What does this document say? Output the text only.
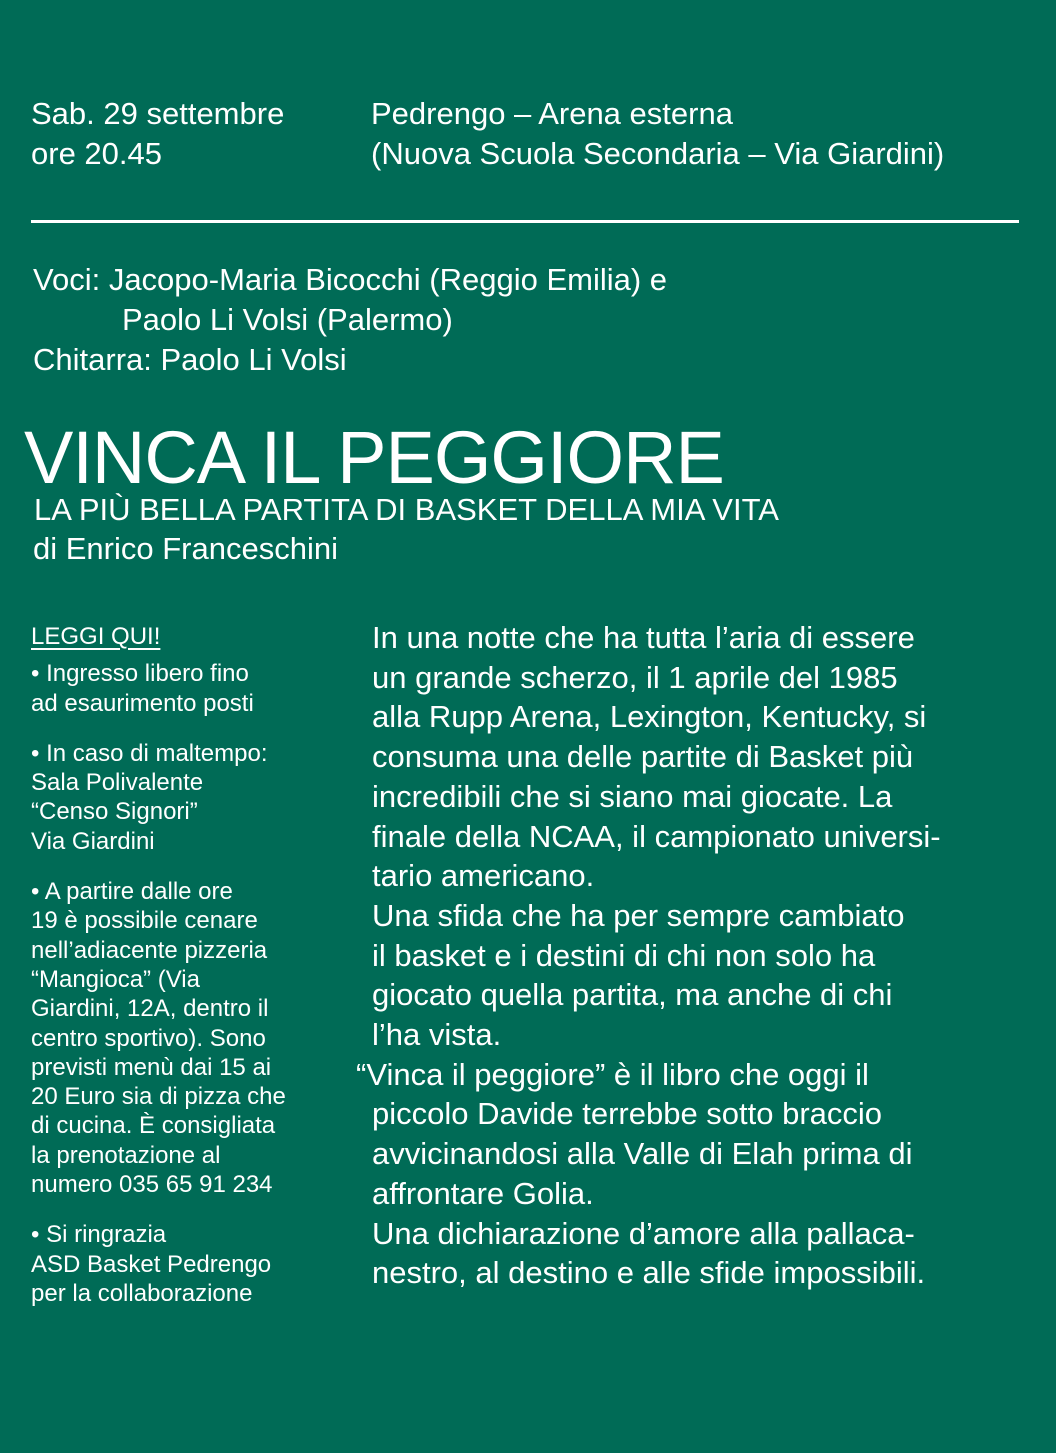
Sab. 29 settembre
ore 20.45
Pedrengo – Arena esterna
(Nuova Scuola Secondaria – Via Giardini)
Voci: Jacopo-Maria Bicocchi (Reggio Emilia) e
Paolo Li Volsi (Palermo)
Chitarra: Paolo Li Volsi
VINCA IL PEGGIORE
LA PIÙ BELLA PARTITA DI BASKET DELLA MIA VITA
di Enrico Franceschini
LEGGI QUI!
• Ingresso libero fino
ad esaurimento posti
• In caso di maltempo:
Sala Polivalente
“Censo Signori”
Via Giardini
• A partire dalle ore
19 è possibile cenare
nell’adiacente pizzeria
“Mangioca” (Via
Giardini, 12A, dentro il
centro sportivo). Sono
previsti menù dai 15 ai
20 Euro sia di pizza che
di cucina. È consigliata
la prenotazione al
numero 035 65 91 234
• Si ringrazia
ASD Basket Pedrengo
per la collaborazione
In una notte che ha tutta l’aria di essere
un grande scherzo, il 1 aprile del 1985
alla Rupp Arena, Lexington, Kentucky, si
consuma una delle partite di Basket più
incredibili che si siano mai giocate. La
finale della NCAA, il campionato universi-
tario americano.
Una sfida che ha per sempre cambiato
il basket e i destini di chi non solo ha
giocato quella partita, ma anche di chi
l’ha vista.
“Vinca il peggiore” è il libro che oggi il
piccolo Davide terrebbe sotto braccio
avvicinandosi alla Valle di Elah prima di
affrontare Golia.
Una dichiarazione d’amore alla pallaca-
nestro, al destino e alle sfide impossibili.
